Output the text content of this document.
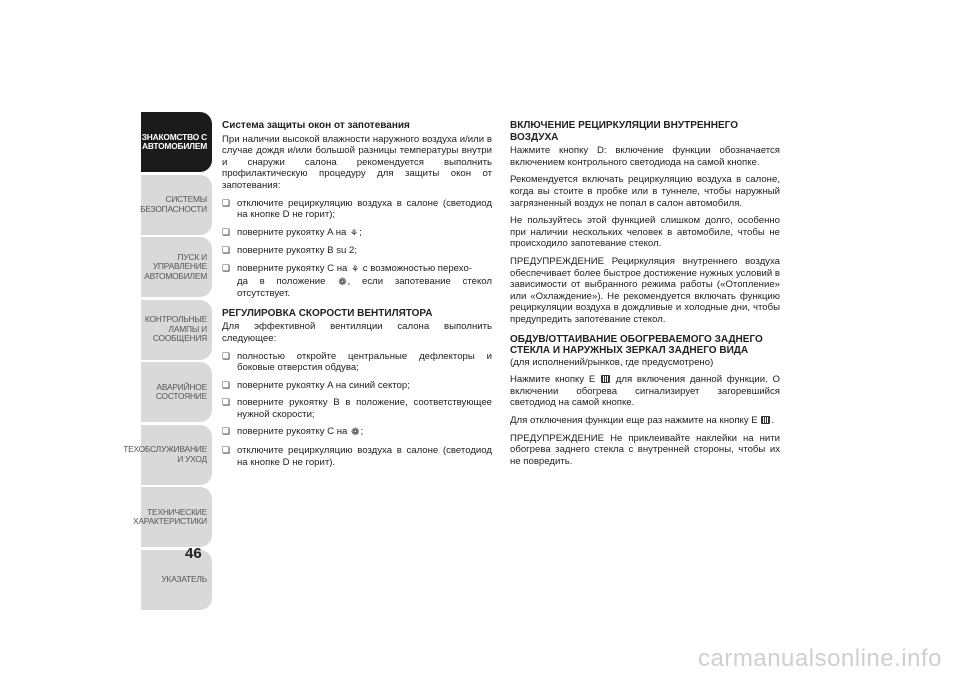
ЗНАКОМСТВО С
АВТОМОБИЛЕМ
СИСТЕМЫ
БЕЗОПАСНОСТИ
ПУСК И УПРАВЛЕНИЕ
АВТОМОБИЛЕМ
КОНТРОЛЬНЫЕ
ЛАМПЫ И
СООБЩЕНИЯ
АВАРИЙНОЕ
СОСТОЯНИЕ
ТЕХОБСЛУЖИВАНИЕ
И УХОД
ТЕХНИЧЕСКИЕ
ХАРАКТЕРИСТИКИ
УКАЗАТЕЛЬ
46
Система защиты окон от запотевания

При наличии высокой влажности наружного воздуха и/или в случае дождя и/или большой разницы температуры внутри и снаружи салона рекомендуется выполнить профилактическую процедуру для защиты окон от запотевания:

❏ отключите рециркуляцию воздуха в салоне (светодиод на кнопке D не горит);
❏ поверните рукоятку A на ⚘;
❏ поверните рукоятку B su 2;
❏ поверните рукоятку C на ⚘ с возможностью перехо-
да в положение ❁, если запотевание стекол отсутствует.
РЕГУЛИРОВКА СКОРОСТИ ВЕНТИЛЯТОРА

Для эффективной вентиляции салона выполнить следующее:

❏ полностью откройте центральные дефлекторы и боковые отверстия обдува;
❏ поверните рукоятку A на синий сектор;
❏ поверните рукоятку B в положение, соответствующее нужной скорости;
❏ поверните рукоятку C на ❁;
❏ отключите рециркуляцию воздуха в салоне (светодиод на кнопке D не горит).
ВКЛЮЧЕНИЕ РЕЦИРКУЛЯЦИИ ВНУТРЕННЕГО ВОЗДУХА

Нажмите кнопку D: включение функции обозначается включением контрольного светодиода на самой кнопке.

Рекомендуется включать рециркуляцию воздуха в салоне, когда вы стоите в пробке или в туннеле, чтобы наружный загрязненный воздух не попал в салон автомобиля.

Не пользуйтесь этой функцией слишком долго, особенно при наличии нескольких человек в автомобиле, чтобы не происходило запотевание стекол.

ПРЕДУПРЕЖДЕНИЕ Рециркуляция внутреннего воздуха обеспечивает более быстрое достижение нужных условий в зависимости от выбранного режима работы («Отопление» или «Охлаждение»). Не рекомендуется включать функцию рециркуляции воздуха в дождливые и холодные дни, чтобы предупредить запотевание стекол.

ОБДУВ/ОТТАИВАНИЕ ОБОГРЕВАЕМОГО ЗАДНЕГО СТЕКЛА И НАРУЖНЫХ ЗЕРКАЛ ЗАДНЕГО ВИДА
(для исполнений/рынков, где предусмотрено)

Нажмите кнопку E для включения данной функции. О включении обогрева сигнализирует загоревшийся светодиод на самой кнопке.

Для отключения функции еще раз нажмите на кнопку E .

ПРЕДУПРЕЖДЕНИЕ Не приклеивайте наклейки на нити обогрева заднего стекла с внутренней стороны, чтобы их не повредить.

carmanualsonline.info
